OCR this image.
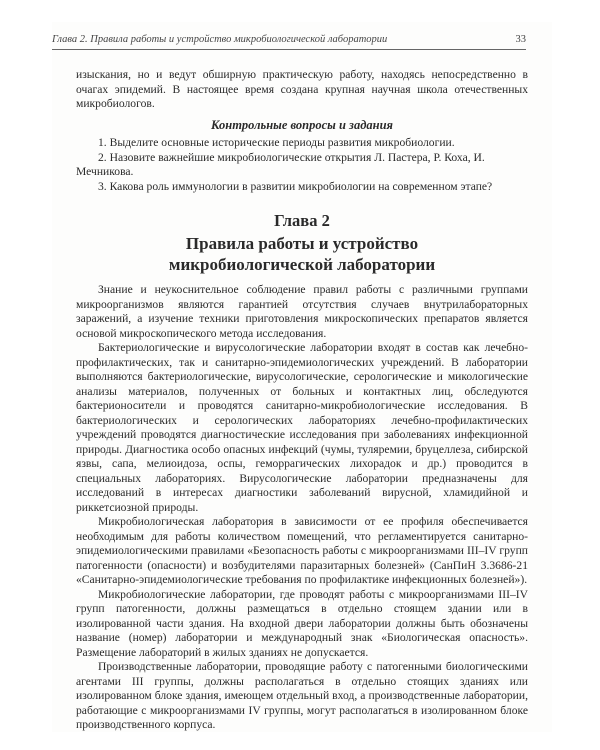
Глава 2. Правила работы и устройство микробиологической лаборатории	33

изыскания, но и ведут обширную практическую работу, находясь непосредственно в очагах эпидемий. В настоящее время создана крупная научная школа отечественных микробиологов.

Контрольные вопросы и задания
1. Выделите основные исторические периоды развития микробиологии.
2. Назовите важнейшие микробиологические открытия Л. Пастера, Р. Коха, И. Мечникова.
3. Какова роль иммунологии в развитии микробиологии на современном этапе?
Глава 2
Правила работы и устройство
микробиологической лаборатории

Знание и неукоснительное соблюдение правил работы с различными группами микроорганизмов являются гарантией отсутствия случаев внутрилабораторных заражений, а изучение техники приготовления микроскопических препаратов является основой микроскопического метода исследования.

Бактериологические и вирусологические лаборатории входят в состав как лечебно-профилактических, так и санитарно-эпидемиологических учреждений. В лаборатории выполняются бактериологические, вирусологические, серологические и микологические анализы материалов, полученных от больных и контактных лиц, обследуются бактерионосители и проводятся санитарно-микробиологические исследования. В бактериологических и серологических лабораториях лечебно-профилактических учреждений проводятся диагностические исследования при заболеваниях инфекционной природы. Диагностика особо опасных инфекций (чумы, туляремии, бруцеллеза, сибирской язвы, сапа, мелиоидоза, оспы, геморрагических лихорадок и др.) проводится в специальных лабораториях. Вирусологические лаборатории предназначены для исследований в интересах диагностики заболеваний вирусной, хламидийной и риккетсиозной природы.

Микробиологическая лаборатория в зависимости от ее профиля обеспечивается необходимым для работы количеством помещений, что регламентируется санитарно-эпидемиологическими правилами «Безопасность работы с микроорганизмами III–IV групп патогенности (опасности) и возбудителями паразитарных болезней» (СанПиН 3.3686-21 «Санитарно-эпидемиологические требования по профилактике инфекционных болезней»).

Микробиологические лаборатории, где проводят работы с микроорганизмами III–IV групп патогенности, должны размещаться в отдельно стоящем здании или в изолированной части здания. На входной двери лаборатории должны быть обозначены название (номер) лаборатории и международный знак «Биологическая опасность». Размещение лабораторий в жилых зданиях не допускается.

Производственные лаборатории, проводящие работу с патогенными биологическими агентами III группы, должны располагаться в отдельно стоящих зданиях или изолированном блоке здания, имеющем отдельный вход, а производственные лаборатории, работающие с микроорганизмами IV группы, могут располагаться в изолированном блоке производственного корпуса.
